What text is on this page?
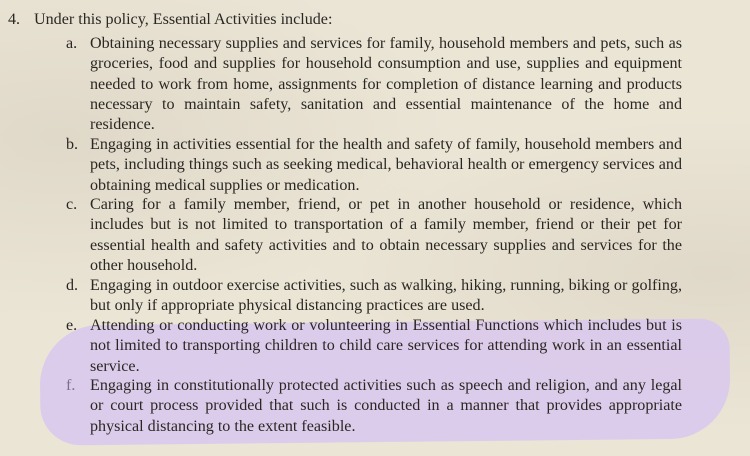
4. Under this policy, Essential Activities include:
a. Obtaining necessary supplies and services for family, household members and pets, such as groceries, food and supplies for household consumption and use, supplies and equipment needed to work from home, assignments for completion of distance learning and products necessary to maintain safety, sanitation and essential maintenance of the home and residence.
b. Engaging in activities essential for the health and safety of family, household members and pets, including things such as seeking medical, behavioral health or emergency services and obtaining medical supplies or medication.
c. Caring for a family member, friend, or pet in another household or residence, which includes but is not limited to transportation of a family member, friend or their pet for essential health and safety activities and to obtain necessary supplies and services for the other household.
d. Engaging in outdoor exercise activities, such as walking, hiking, running, biking or golfing, but only if appropriate physical distancing practices are used.
e. Attending or conducting work or volunteering in Essential Functions which includes but is not limited to transporting children to child care services for attending work in an essential service.
f. Engaging in constitutionally protected activities such as speech and religion, and any legal or court process provided that such is conducted in a manner that provides appropriate physical distancing to the extent feasible.
